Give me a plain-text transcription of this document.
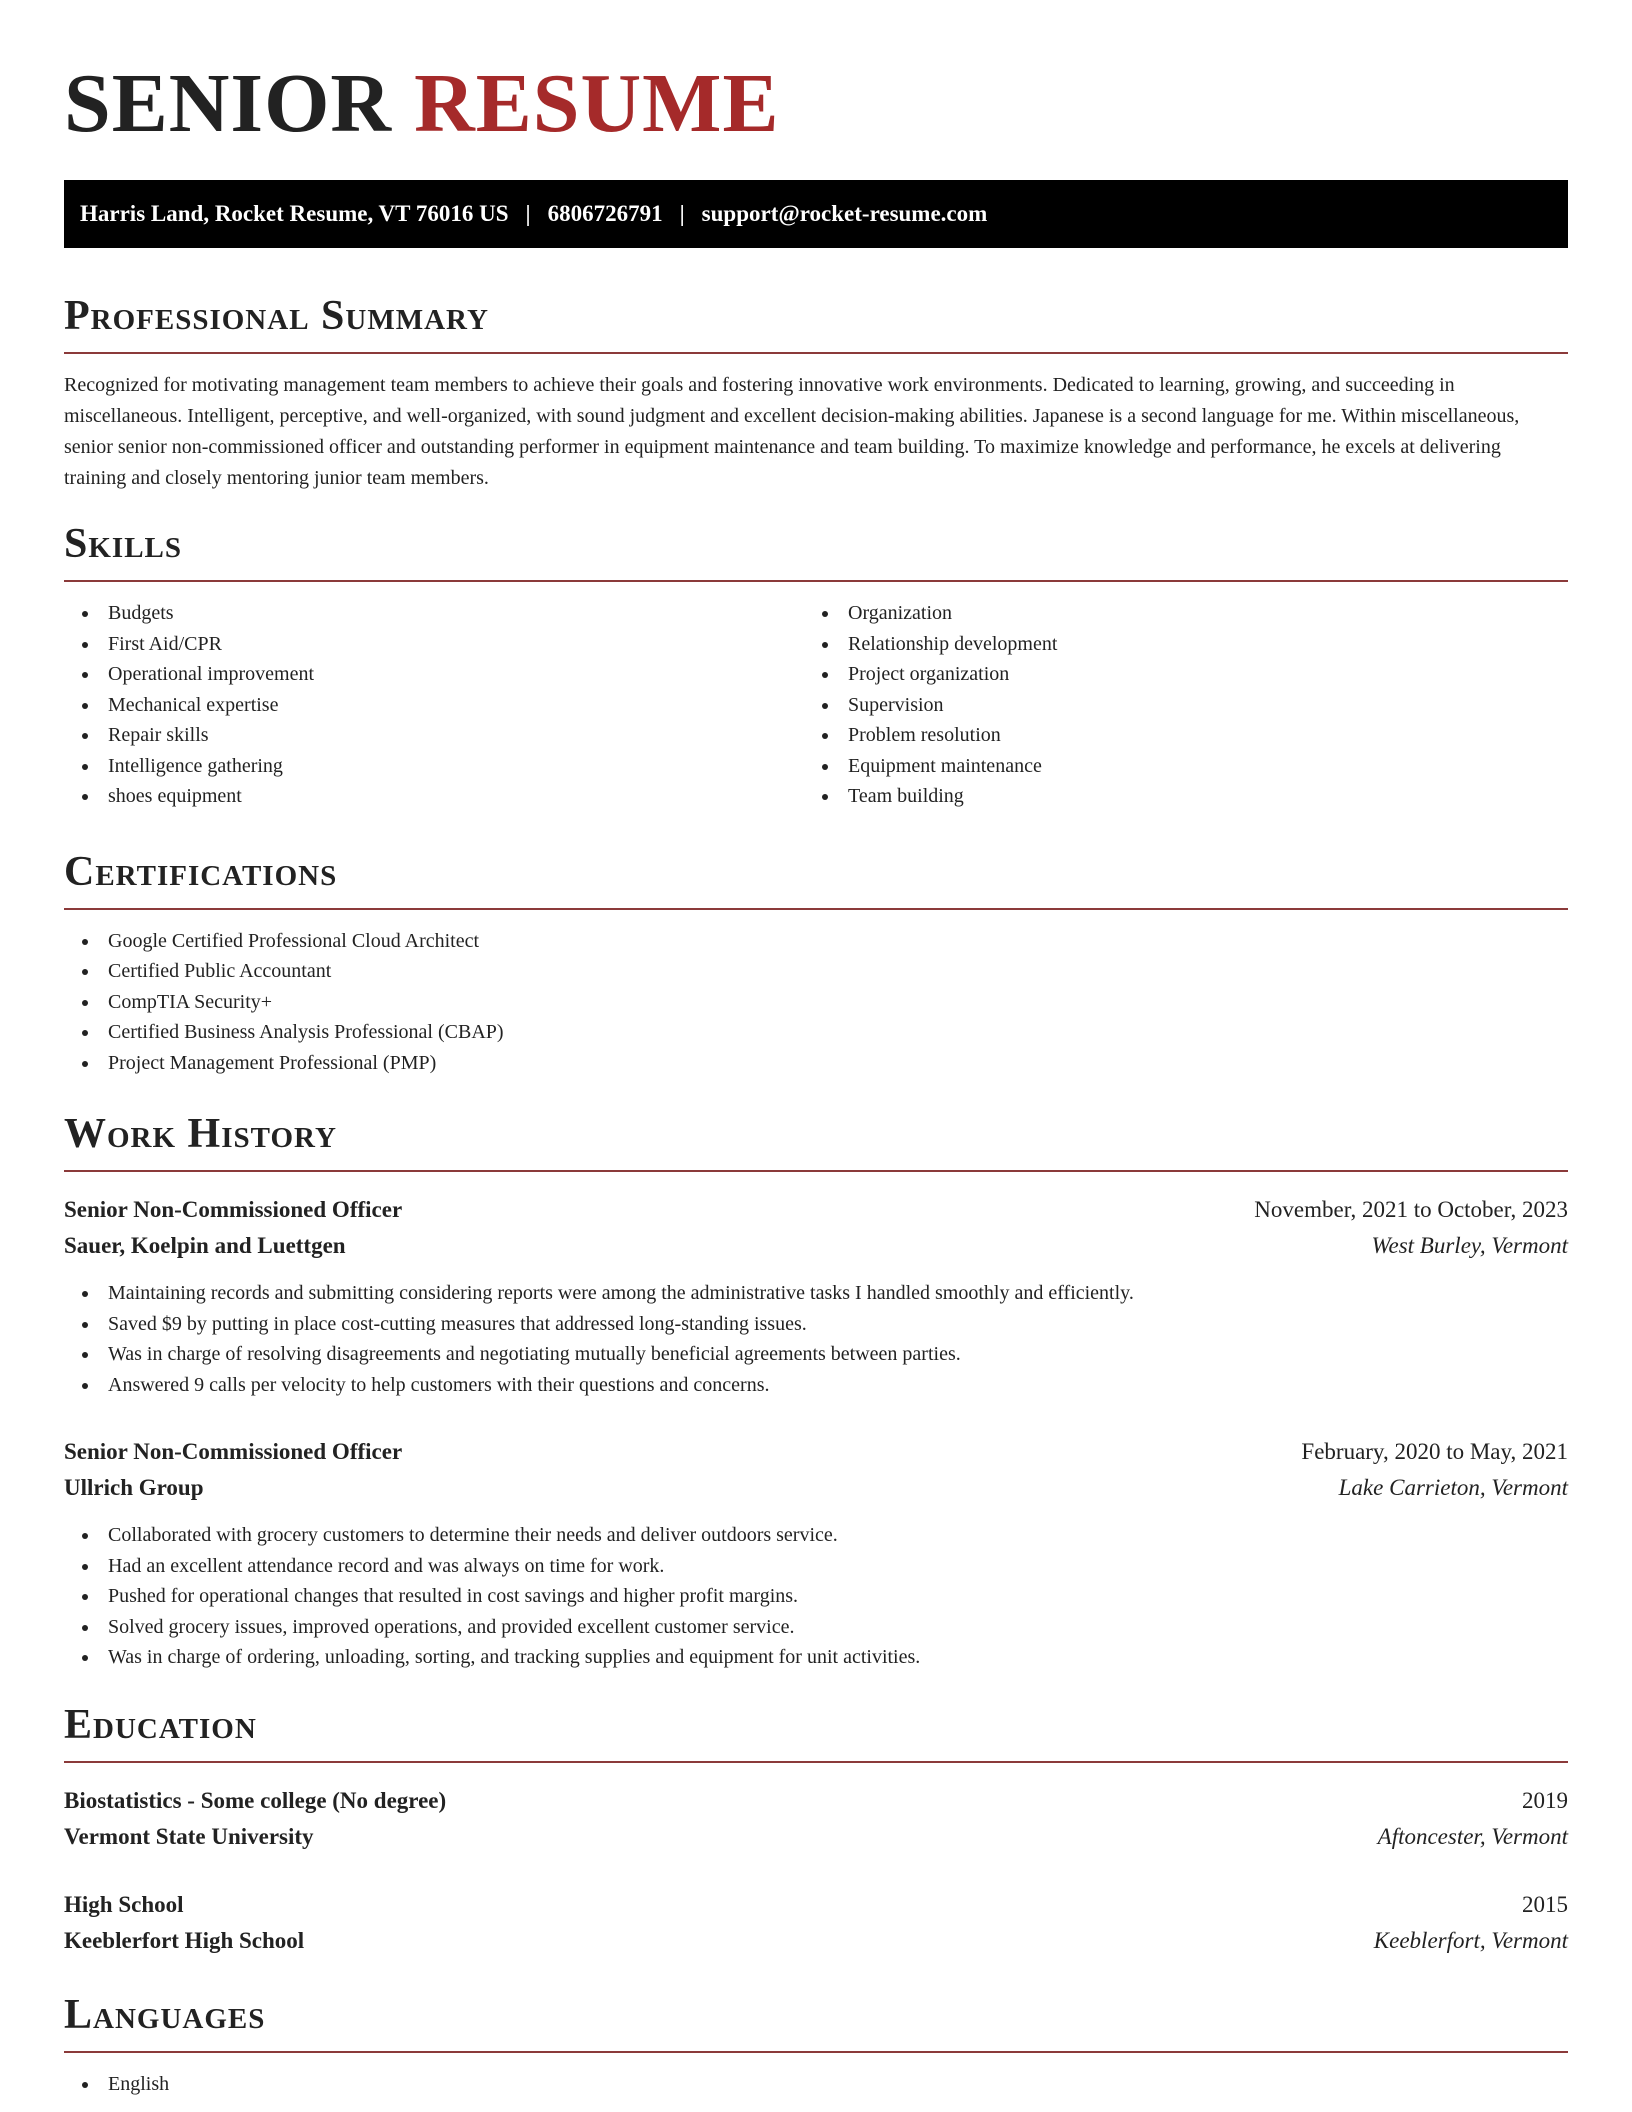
SENIOR RESUME
Harris Land, Rocket Resume, VT 76016 US | 6806726791 | support@rocket-resume.com
Professional Summary

Recognized for motivating management team members to achieve their goals and fostering innovative work environments. Dedicated to learning, growing, and succeeding in miscellaneous. Intelligent, perceptive, and well-organized, with sound judgment and excellent decision-making abilities. Japanese is a second language for me. Within miscellaneous, senior senior non-commissioned officer and outstanding performer in equipment maintenance and team building. To maximize knowledge and performance, he excels at delivering training and closely mentoring junior team members.

Skills
Budgets
First Aid/CPR
Operational improvement
Mechanical expertise
Repair skills
Intelligence gathering
shoes equipment
Organization
Relationship development
Project organization
Supervision
Problem resolution
Equipment maintenance
Team building
Certifications
Google Certified Professional Cloud Architect
Certified Public Accountant
CompTIA Security+
Certified Business Analysis Professional (CBAP)
Project Management Professional (PMP)
Work History
Senior Non-Commissioned Officer	November, 2021 to October, 2023
Sauer, Koelpin and Luettgen	West Burley, Vermont
Maintaining records and submitting considering reports were among the administrative tasks I handled smoothly and efficiently.
Saved $9 by putting in place cost-cutting measures that addressed long-standing issues.
Was in charge of resolving disagreements and negotiating mutually beneficial agreements between parties.
Answered 9 calls per velocity to help customers with their questions and concerns.
Senior Non-Commissioned Officer	February, 2020 to May, 2021
Ullrich Group	Lake Carrieton, Vermont
Collaborated with grocery customers to determine their needs and deliver outdoors service.
Had an excellent attendance record and was always on time for work.
Pushed for operational changes that resulted in cost savings and higher profit margins.
Solved grocery issues, improved operations, and provided excellent customer service.
Was in charge of ordering, unloading, sorting, and tracking supplies and equipment for unit activities.
Education
Biostatistics - Some college (No degree)	2019
Vermont State University	Aftoncester, Vermont
High School	2015
Keeblerfort High School	Keeblerfort, Vermont
Languages
English
